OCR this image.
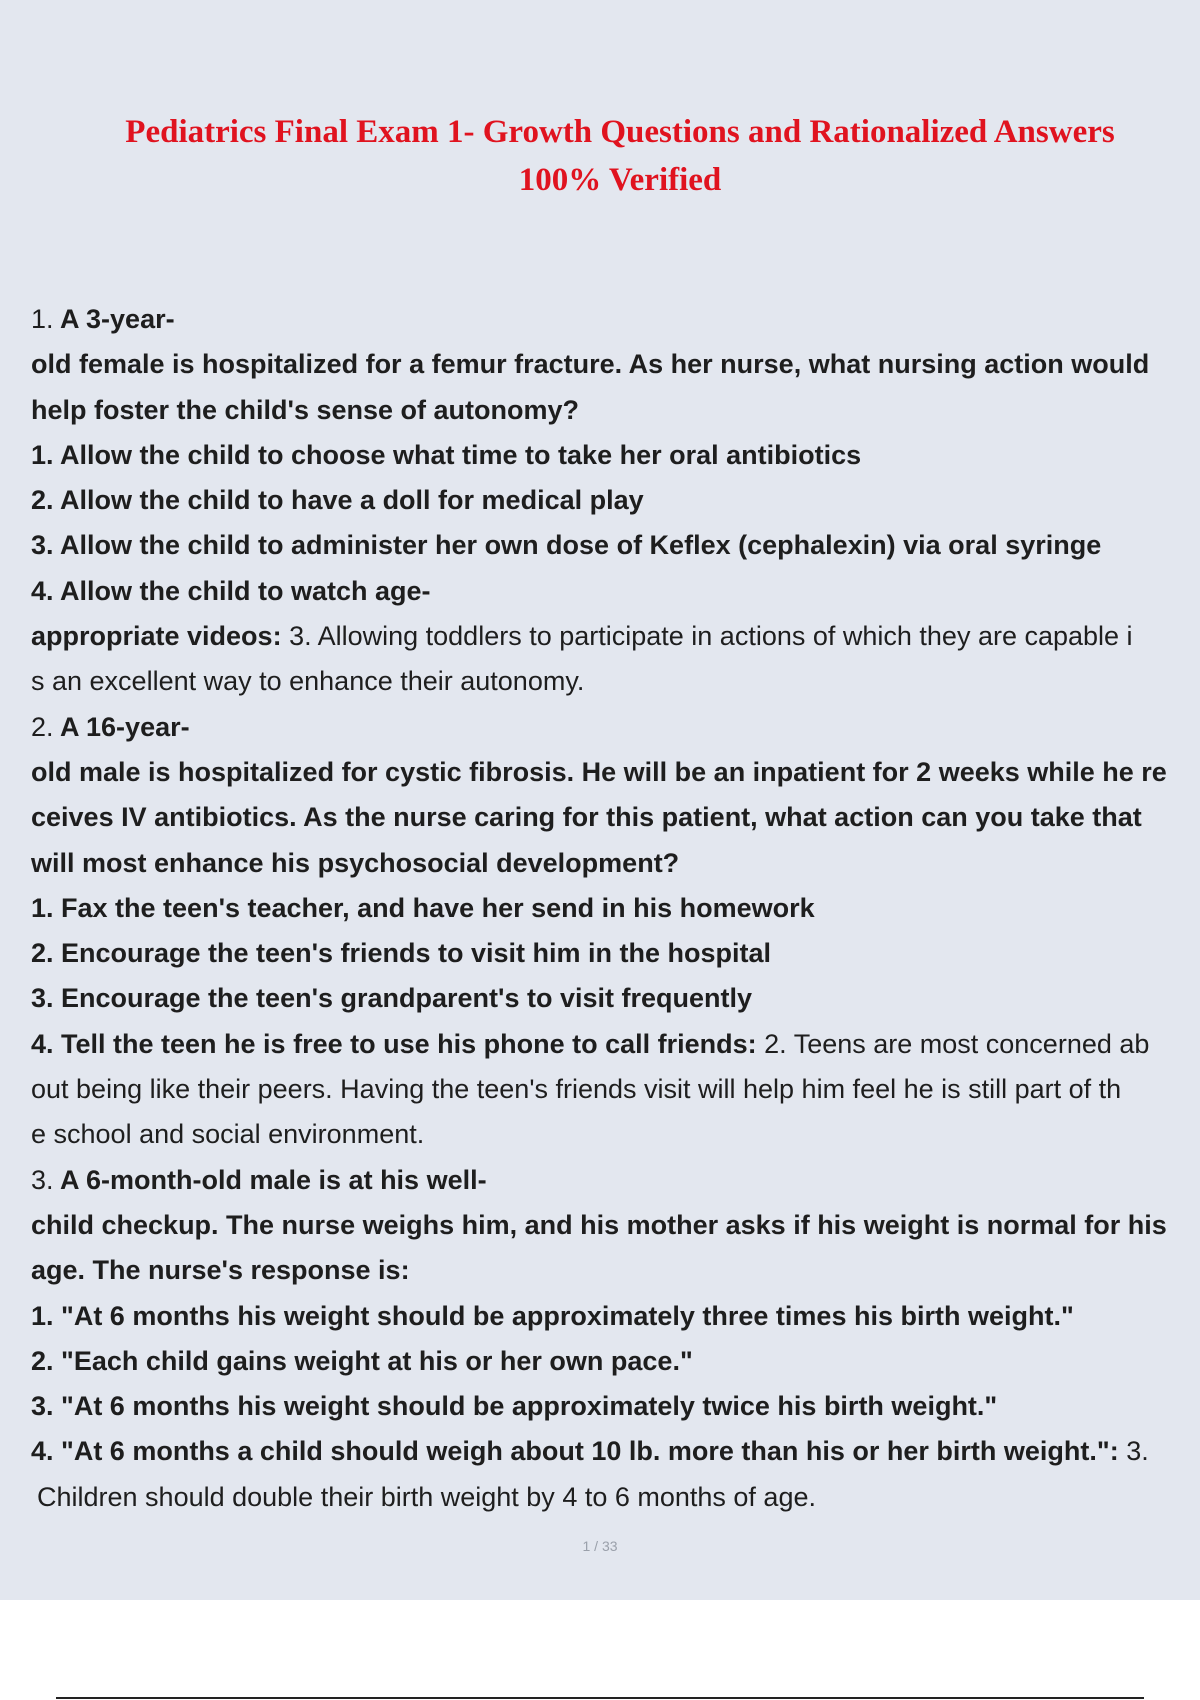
Pediatrics Final Exam 1- Growth Questions and Rationalized Answers
100% Verified
1. A 3-year-
old female is hospitalized for a femur fracture. As her nurse, what nursing action would
help foster the child's sense of autonomy?
1. Allow the child to choose what time to take her oral antibiotics
2. Allow the child to have a doll for medical play
3. Allow the child to administer her own dose of Keflex (cephalexin) via oral syringe
4. Allow the child to watch age-
appropriate videos: 3. Allowing toddlers to participate in actions of which they are capable i
s an excellent way to enhance their autonomy.
2. A 16-year-
old male is hospitalized for cystic fibrosis. He will be an inpatient for 2 weeks while he re
ceives IV antibiotics. As the nurse caring for this patient, what action can you take that
will most enhance his psychosocial development?
1. Fax the teen's teacher, and have her send in his homework
2. Encourage the teen's friends to visit him in the hospital
3. Encourage the teen's grandparent's to visit frequently
4. Tell the teen he is free to use his phone to call friends: 2. Teens are most concerned ab
out being like their peers. Having the teen's friends visit will help him feel he is still part of th
e school and social environment.
3. A 6-month-old male is at his well-
child checkup. The nurse weighs him, and his mother asks if his weight is normal for his
age. The nurse's response is:
1. "At 6 months his weight should be approximately three times his birth weight."
2. "Each child gains weight at his or her own pace."
3. "At 6 months his weight should be approximately twice his birth weight."
4. "At 6 months a child should weigh about 10 lb. more than his or her birth weight.": 3.
Children should double their birth weight by 4 to 6 months of age.
1 / 33
